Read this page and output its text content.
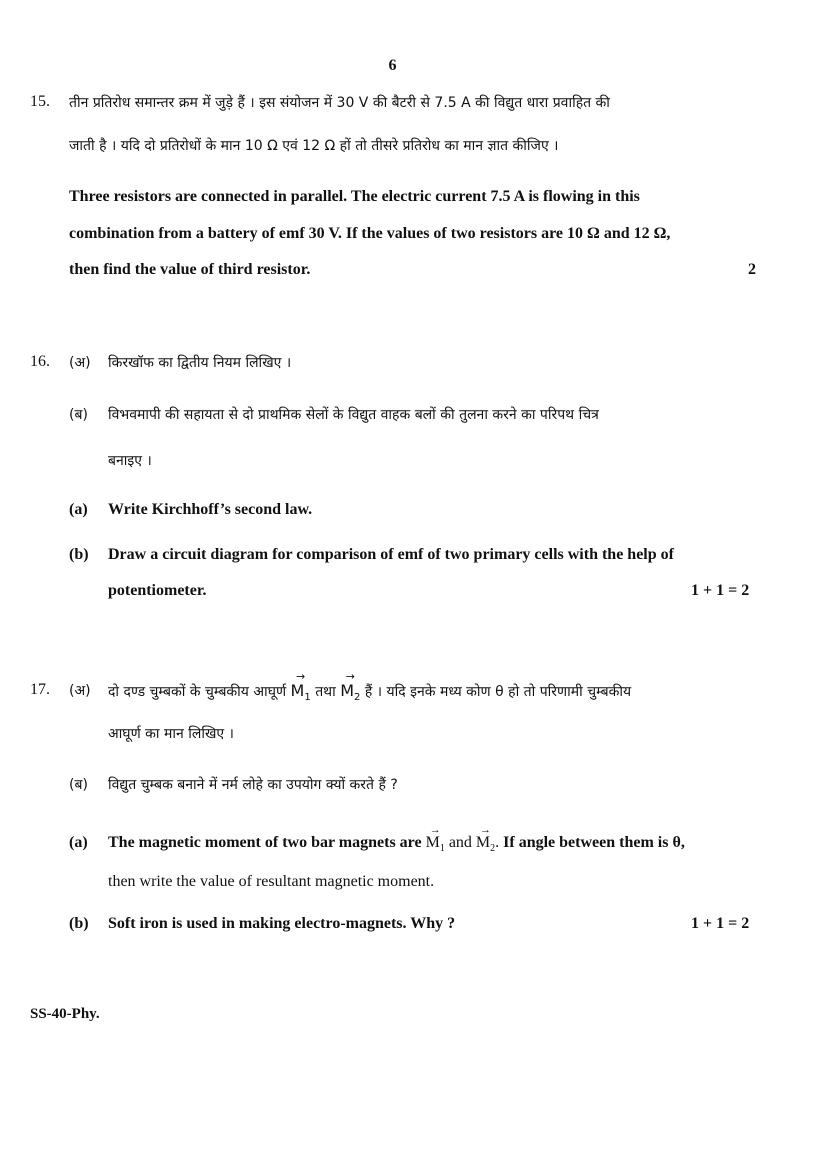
6
15. तीन प्रतिरोध समान्तर क्रम में जुड़े हैं । इस संयोजन में 30 V की बैटरी से 7.5 A की विद्युत धारा प्रवाहित की
जाती है । यदि दो प्रतिरोधों के मान 10 Ω एवं 12 Ω हों तो तीसरे प्रतिरोध का मान ज्ञात कीजिए ।
Three resistors are connected in parallel. The electric current 7.5 A is flowing in this
combination from a battery of emf 30 V. If the values of two resistors are 10 Ω and 12 Ω,
then find the value of third resistor.	2
16. (अ) किरखॉफ का द्वितीय नियम लिखिए ।
(ब) विभवमापी की सहायता से दो प्राथमिक सेलों के विद्युत वाहक बलों की तुलना करने का परिपथ चित्र
बनाइए ।
(a) Write Kirchhoff’s second law.
(b) Draw a circuit diagram for comparison of emf of two primary cells with the help of
potentiometer.	1 + 1 = 2
17. (अ) दो दण्ड चुम्बकों के चुम्बकीय आघूर्ण
→
$M_1$ तथा
→
$M_2$ हैं । यदि इनके मध्य कोण θ हो तो परिणामी चुम्बकीय
आघूर्ण का मान लिखिए ।
(ब) विद्युत चुम्बक बनाने में नर्म लोहे का उपयोग क्यों करते हैं ?
(a) The magnetic moment of two bar magnets are
→
$M_1$ and
→
$M_2$. If angle between them is θ,
then write the value of resultant magnetic moment.
(b) Soft iron is used in making electro-magnets. Why ?	1 + 1 = 2
SS-40-Phy.
